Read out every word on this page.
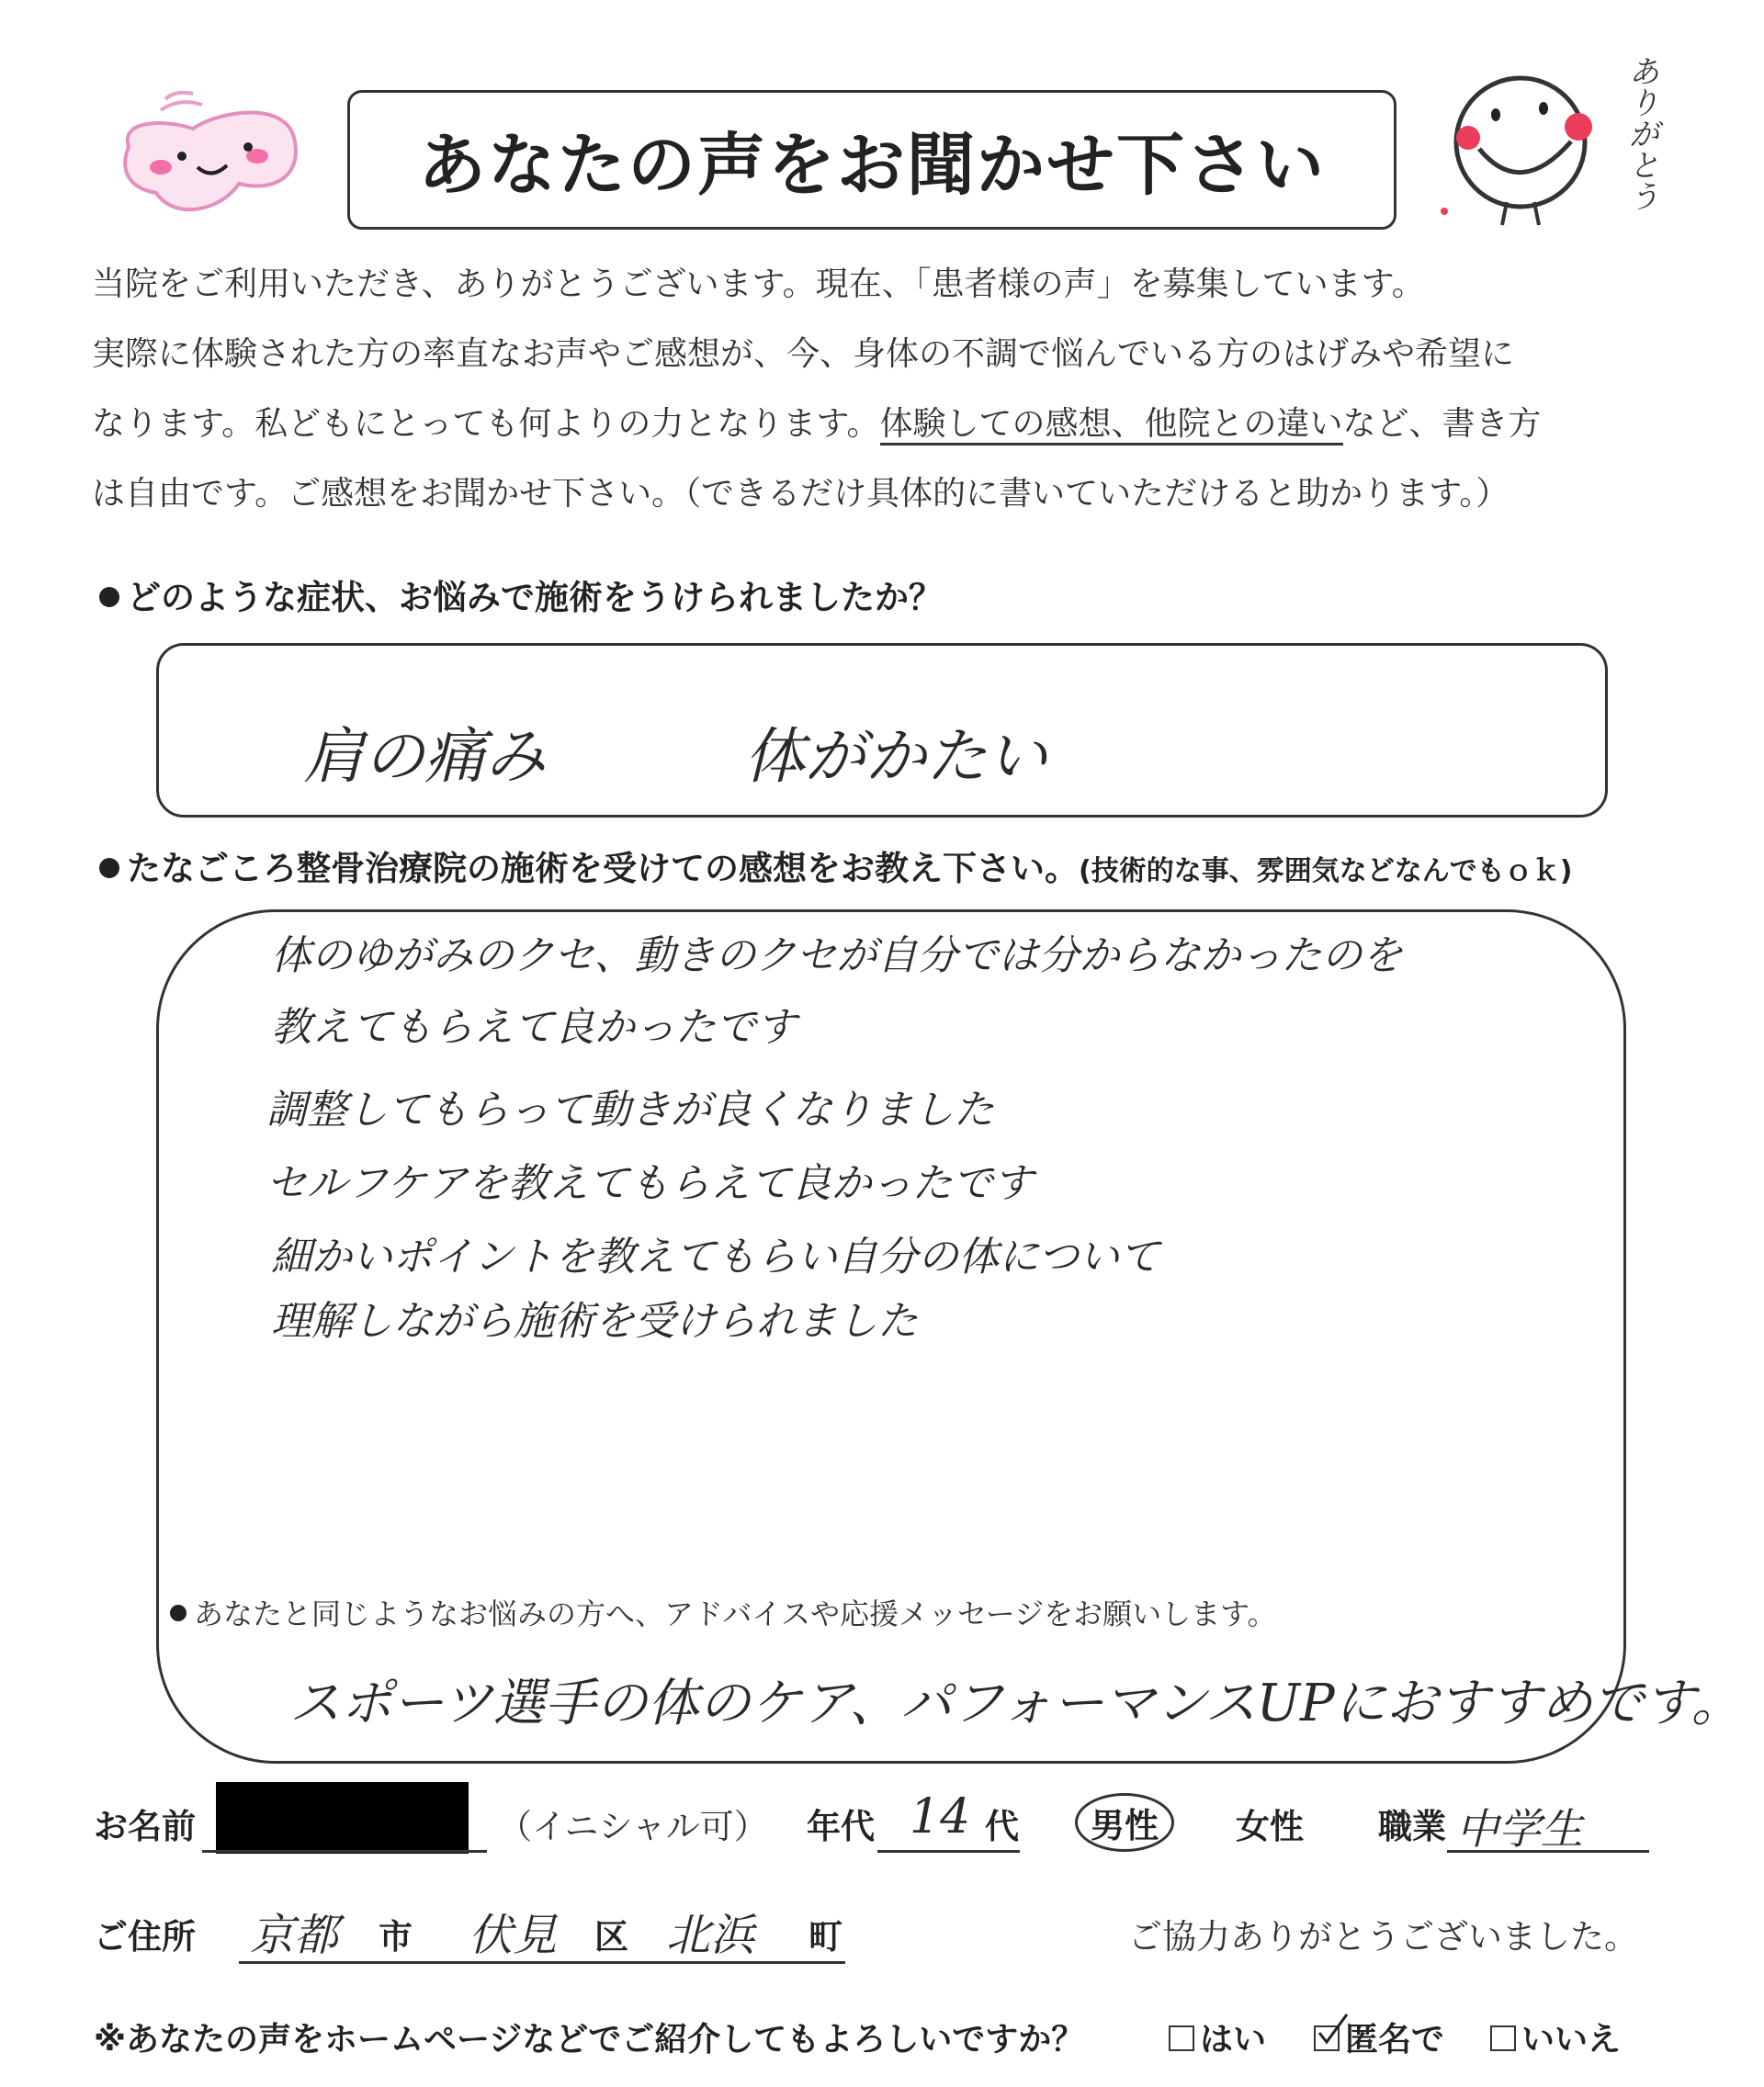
あなたの声をお聞かせ下さい	ありがとう

当院をご利用いただき、ありがとうございます。現在、「患者様の声」を募集しています。

実際に体験された方の率直なお声やご感想が、今、身体の不調で悩んでいる方のはげみや希望に

なります。私どもにとっても何よりの力となります。体験しての感想、他院との違いなど、書き方

は自由です。ご感想をお聞かせ下さい。（できるだけ具体的に書いていただけると助かります。）

どのような症状、お悩みで施術をうけられましたか？
肩の痛み	体がかたい
たなごころ整骨治療院の施術を受けての感想をお教え下さい。(技術的な事、雰囲気などなんでもｏｋ)
体のゆがみのクセ、動きのクセが自分では分からなかったのを
教えてもらえて良かったです
調整してもらって動きが良くなりました
セルフケアを教えてもらえて良かったです
細かいポイントを教えてもらい自分の体について
理解しながら施術を受けられました
あなたと同じようなお悩みの方へ、アドバイスや応援メッセージをお願いします。
スポーツ選手の体のケア、パフォーマンスUPにおすすめです。
お名前	（イニシャル可） 年代 14 代	男性	女性 職業 中学生
ご住所 京都 市 伏見 区 北浜 町	ご協力ありがとうございました。
※あなたの声をホームページなどでご紹介してもよろしいですか？	はい	匿名で	いいえ
